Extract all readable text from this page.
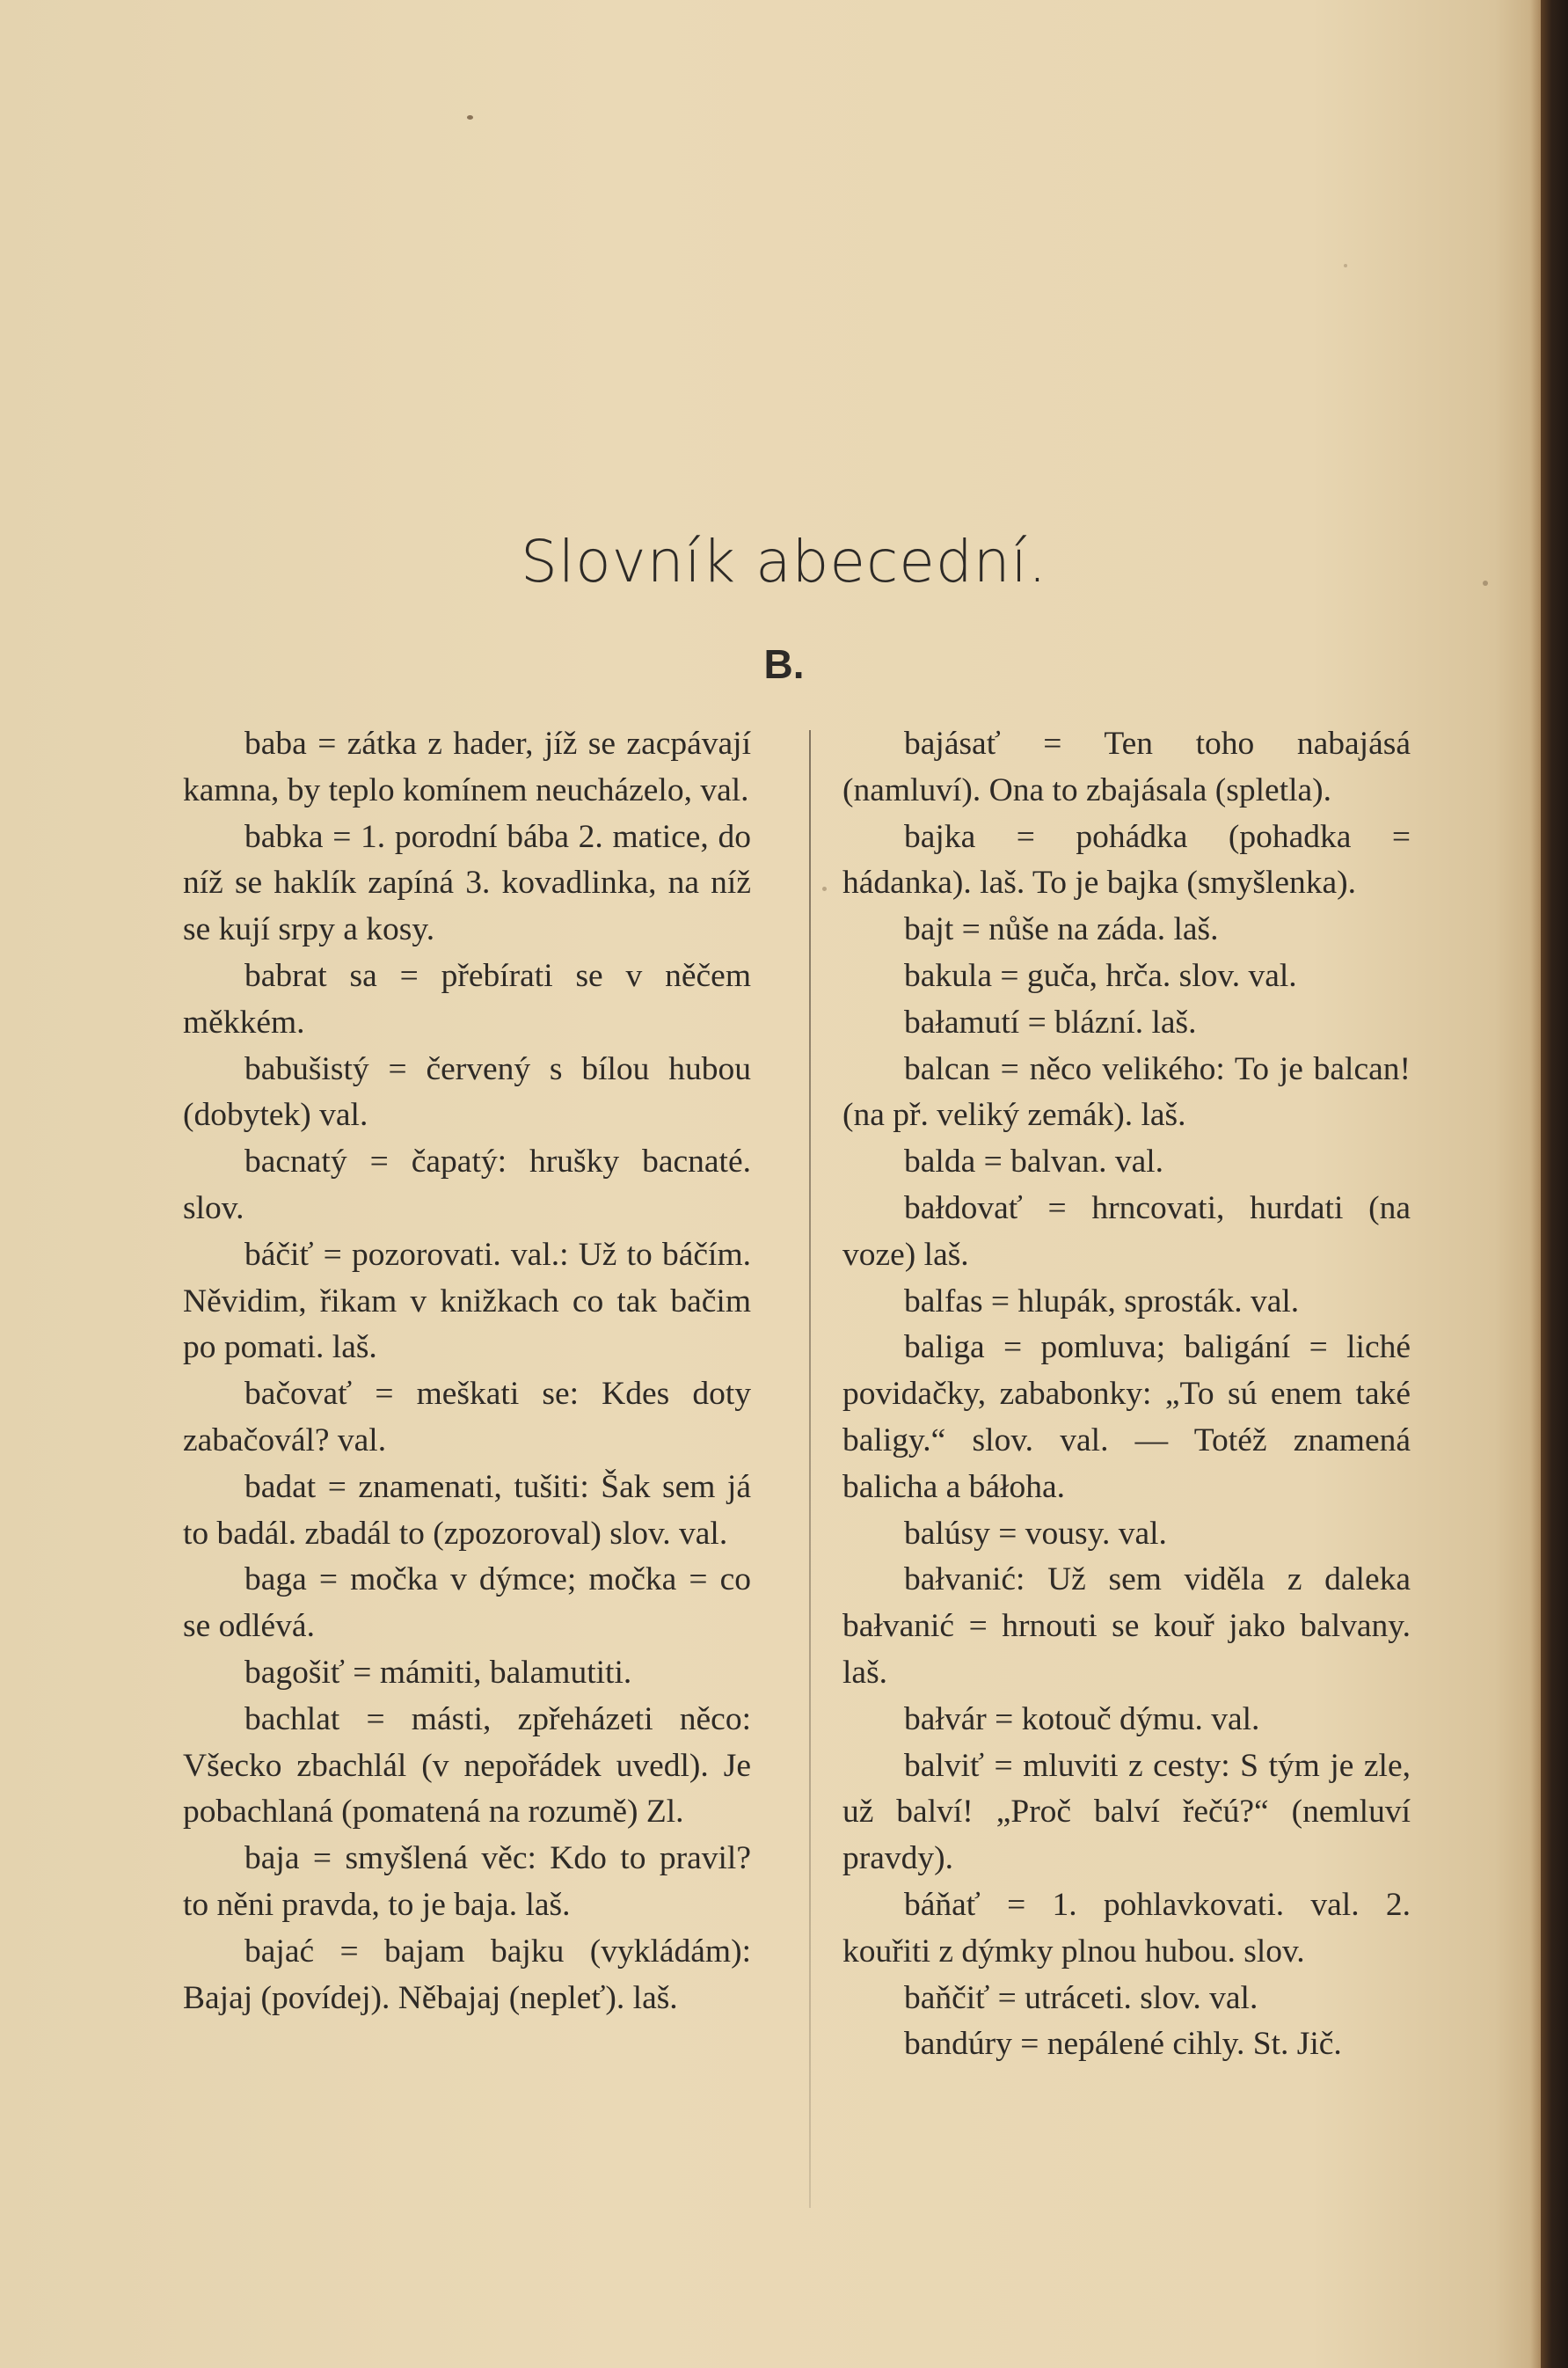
Slovník abecední.
B.

baba = zátka z hader, jíž se zacpávají kamna, by teplo komínem neucházelo, val.

babka = 1. porodní bába 2. matice, do níž se haklík zapíná 3. kovadlinka, na níž se kují srpy a kosy.

babrat sa = přebírati se v něčem měkkém.

babušistý = červený s bílou hubou (dobytek) val.

bacnatý = čapatý: hrušky bacnaté. slov.

báčiť = pozorovati. val.: Už to báčím. Něvidim, řikam v knižkach co tak bačim po pomati. laš.

bačovať = meškati se: Kdes doty zabačovál? val.

badat = znamenati, tušiti: Šak sem já to badál. zbadál to (zpozoroval) slov. val.

baga = močka v dýmce; močka = co se odlévá.

bagošiť = mámiti, balamutiti.

bachlat = másti, zpřeházeti něco: Všecko zbachlál (v nepořádek uvedl). Je pobachlaná (pomatená na rozumě) Zl.

baja = smyšlená věc: Kdo to pravil? to něni pravda, to je baja. laš.

bajać = bajam bajku (vykládám): Bajaj (povídej). Něbajaj (nepleť). laš.

bajásať = Ten toho nabajásá (namluví). Ona to zbajásala (spletla).

bajka = pohádka (pohadka = hádanka). laš. To je bajka (smyšlenka).

bajt = nůše na záda. laš.

bakula = guča, hrča. slov. val.

bałamutí = blázní. laš.

balcan = něco velikého: To je balcan! (na př. veliký zemák). laš.

balda = balvan. val.

bałdovať = hrncovati, hurdati (na voze) laš.

balfas = hlupák, sprosták. val.

baliga = pomluva; baligání = liché povidačky, zababonky: „To sú enem také baligy.“ slov. val. — Totéž znamená balicha a báłoha.

balúsy = vousy. val.

bałvanić: Už sem viděla z daleka bałvanić = hrnouti se kouř jako balvany. laš.

bałvár = kotouč dýmu. val.

balviť = mluviti z cesty: S tým je zle, už balví! „Proč balví řečú?“ (nemluví pravdy).

báňať = 1. pohlavkovati. val. 2. kouřiti z dýmky plnou hubou. slov.

baňčiť = utráceti. slov. val.

bandúry = nepálené cihly. St. Jič.
